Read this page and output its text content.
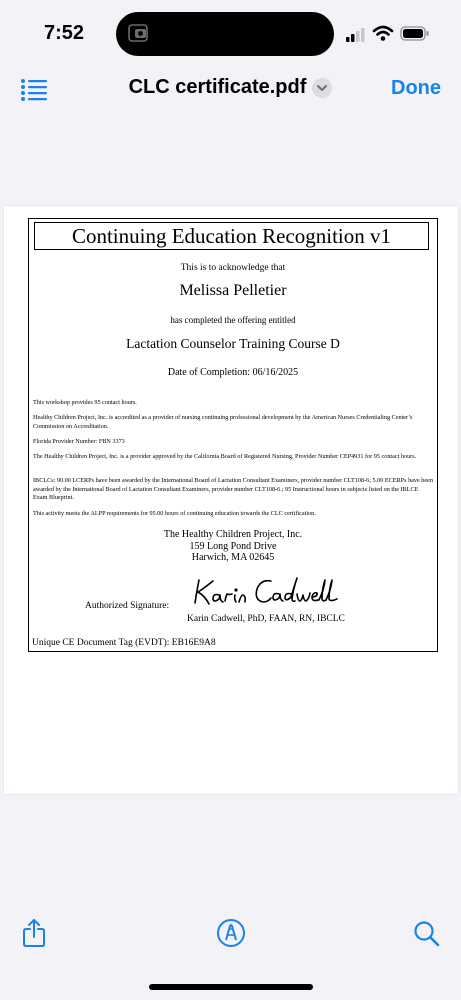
7:52
CLC certificate.pdf	Done
Continuing Education Recognition v1
This is to acknowledge that
Melissa Pelletier
has completed the offering entitled
Lactation Counselor Training Course D
Date of Completion: 06/16/2025
This workshop provides 95 contact hours.
Healthy Children Project, Inc. is accredited as a provider of nursing continuing professional development by the American Nurses Credentialing Center’s Commission on Accreditation.
Florida Provider Number: FBN 3373
The Healthy Children Project, Inc. is a provider approved by the California Board of Registered Nursing, Provider Number CEP4931 for 95 contact hours.
IBCLCs: 90.00 LCERPs have been awarded by the International Board of Lactation Consultant Examiners, provider number CLT108-6; 5.00 ECERPs have been awarded by the International Board of Lactation Consultant Examiners, provider number CLT108-6.; 95 Instructional hours in subjects listed on the IBLCE Exam Blueprint.
This activity meets the ALPP requirements for 95.00 hours of continuing education towards the CLC certification.
The Healthy Children Project, Inc.
159 Long Pond Drive
Harwich, MA 02645
Authorized Signature:
Karin Cadwell, PhD, FAAN, RN, IBCLC
Unique CE Document Tag (EVDT): EB16E9A8
